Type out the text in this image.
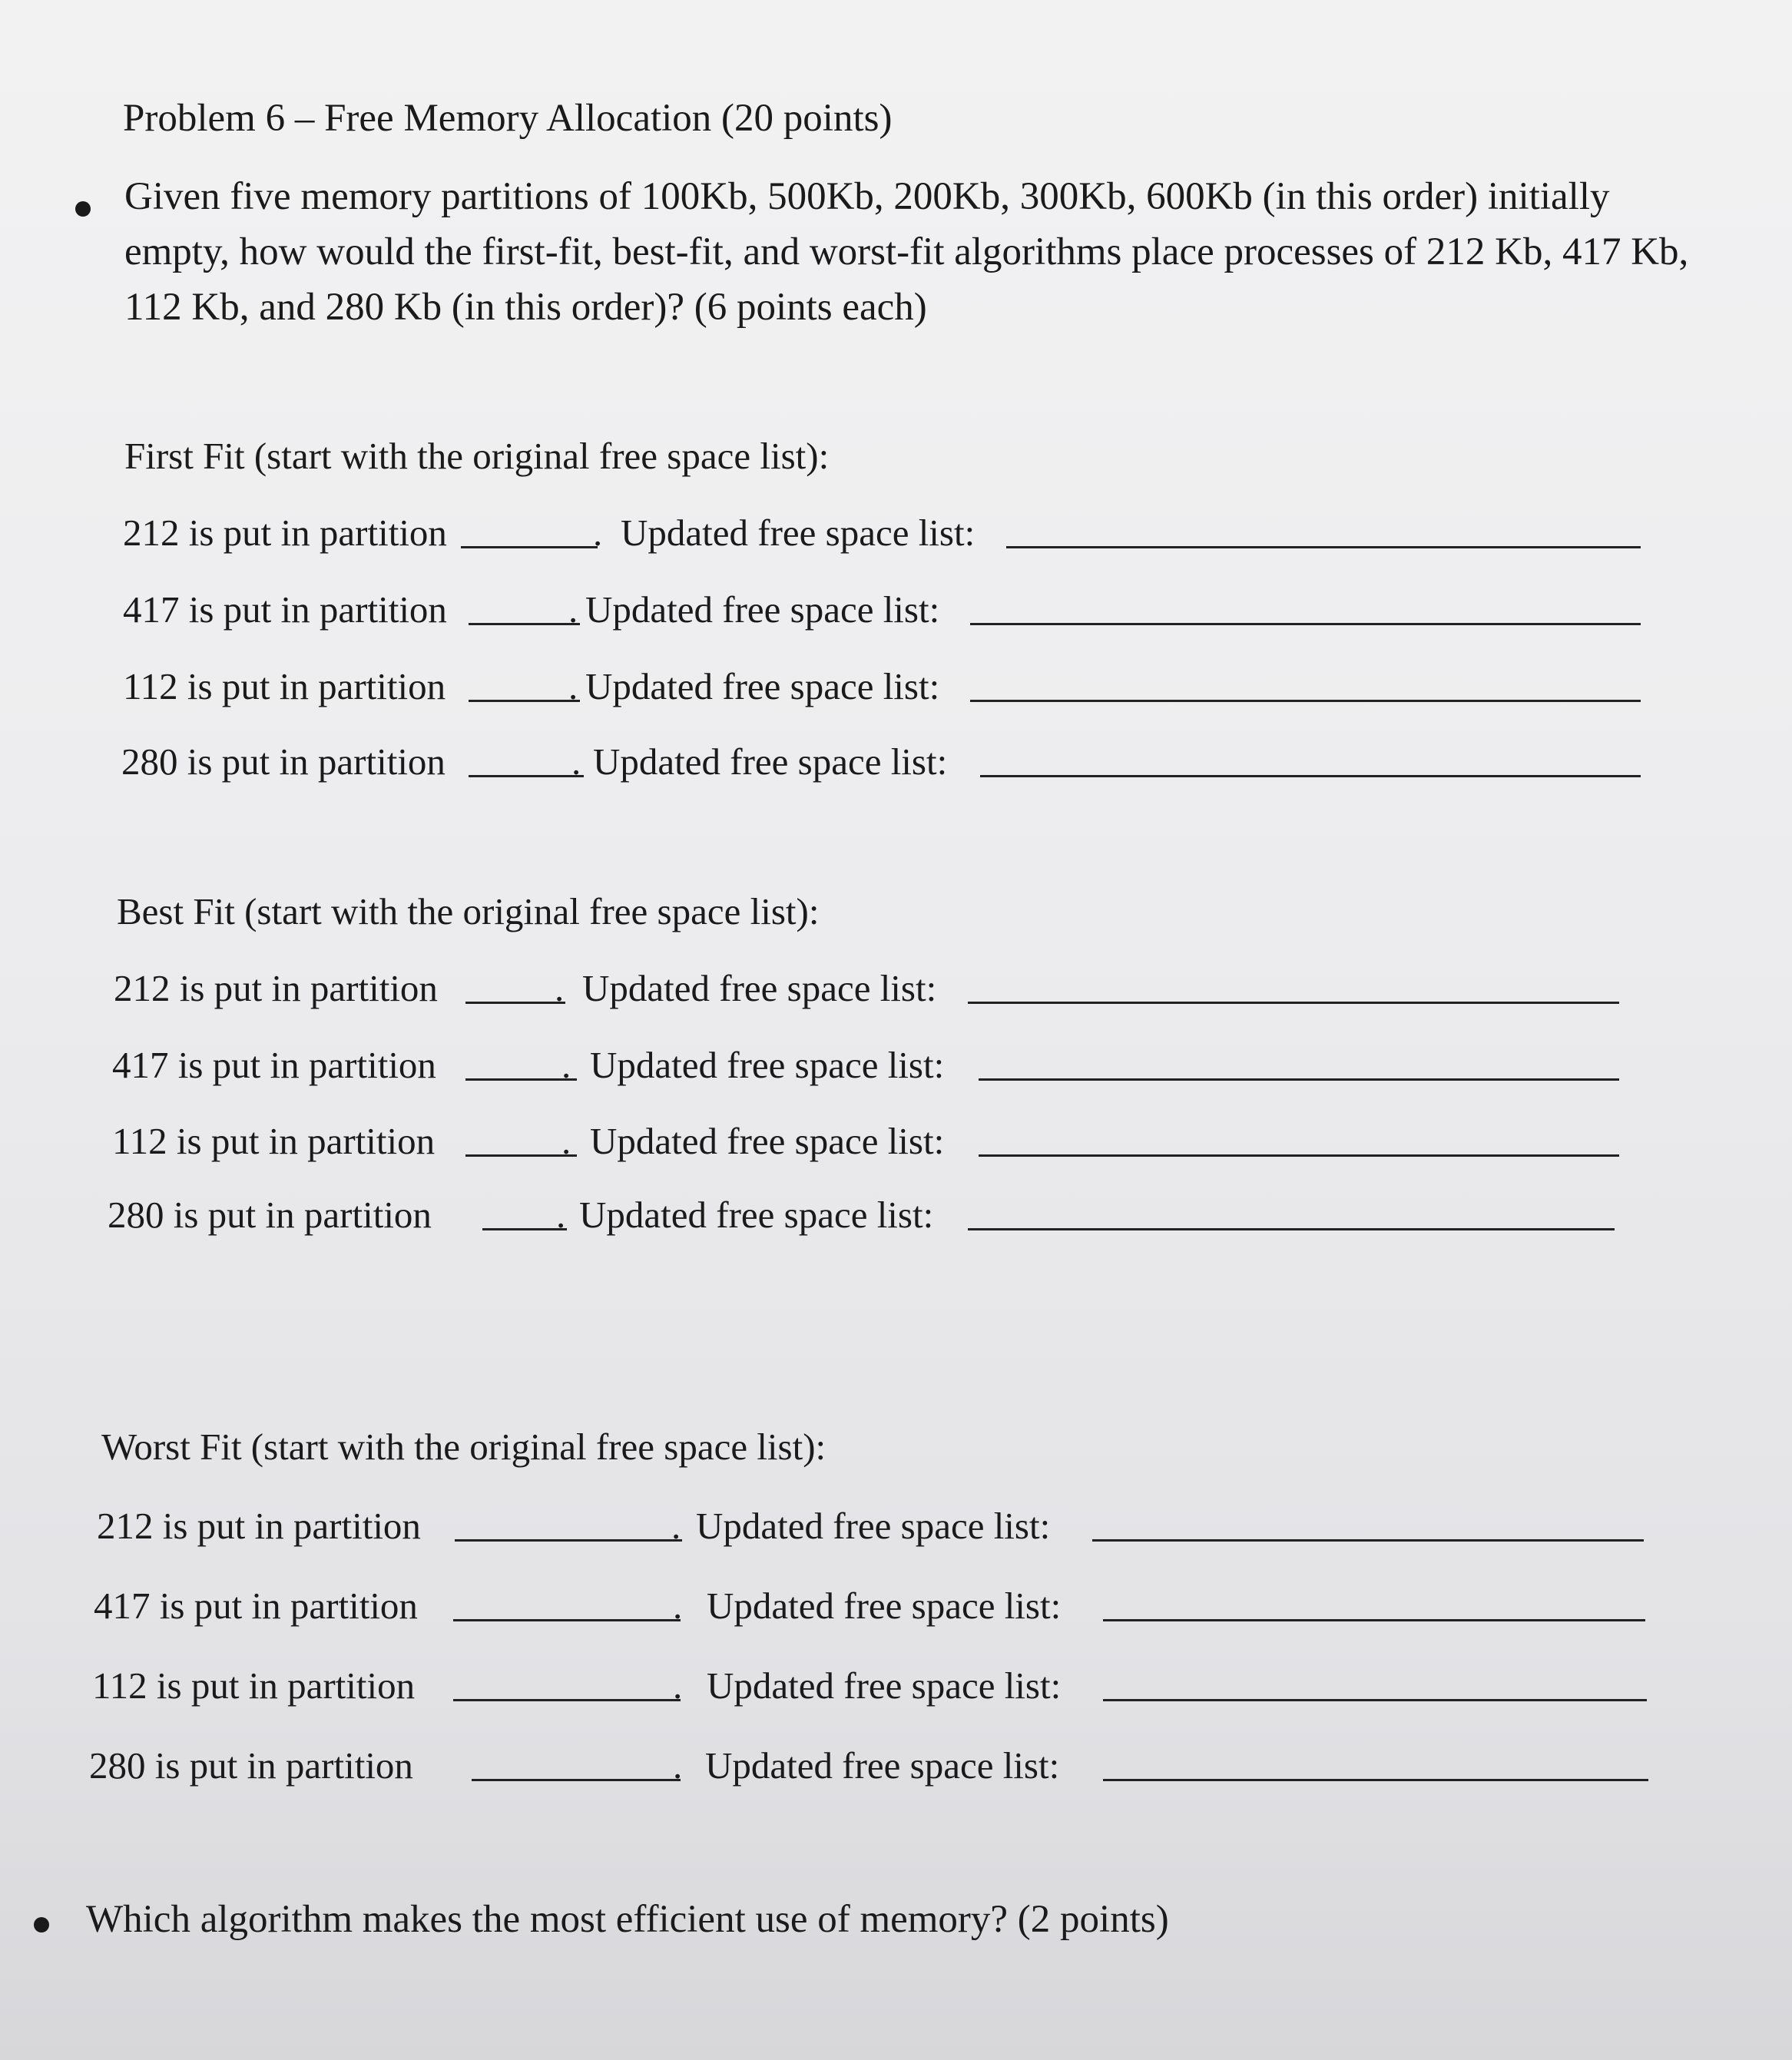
Problem 6 – Free Memory Allocation (20 points)
Given five memory partitions of 100Kb, 500Kb, 200Kb, 300Kb, 600Kb (in this order) initially empty, how would the first-fit, best-fit, and worst-fit algorithms place processes of 212 Kb, 417 Kb, 112 Kb, and 280 Kb (in this order)? (6 points each)
First Fit (start with the original free space list):
212 is put in partition	. Updated free space list:
417 is put in partition	. Updated free space list:
112 is put in partition	. Updated free space list:
280 is put in partition	. Updated free space list:
Best Fit (start with the original free space list):
212 is put in partition	. Updated free space list:
417 is put in partition	. Updated free space list:
112 is put in partition	. Updated free space list:
280 is put in partition	. Updated free space list:
Worst Fit (start with the original free space list):
212 is put in partition	. Updated free space list:
417 is put in partition	. Updated free space list:
112 is put in partition	. Updated free space list:
280 is put in partition	. Updated free space list:
Which algorithm makes the most efficient use of memory? (2 points)
